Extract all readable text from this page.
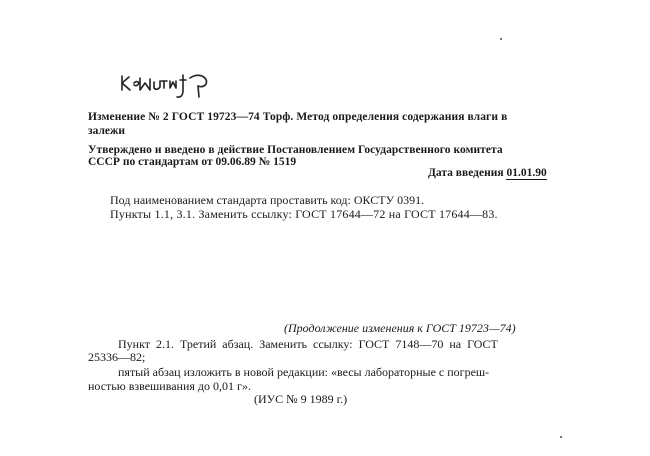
Изменение № 2 ГОСТ 19723—74 Торф. Метод определения содержания влаги в
залежи
Утверждено и введено в действие Постановлением Государственного комитета
СССР по стандартам от 09.06.89 № 1519
Дата введения 01.01.90
Под наименованием стандарта проставить код: ОКСТУ 0391.
Пункты 1.1, 3.1. Заменить ссылку: ГОСТ 17644—72 на ГОСТ 17644—83.
(Продолжение изменения к ГОСТ 19723—74)
Пункт 2.1. Третий абзац. Заменить ссылку: ГОСТ 7148—70 на ГОСТ
25336—82;
пятый абзац изложить в новой редакции: «весы лабораторные с погреш-
ностью взвешивания до 0,01 г».
(ИУС № 9 1989 г.)
